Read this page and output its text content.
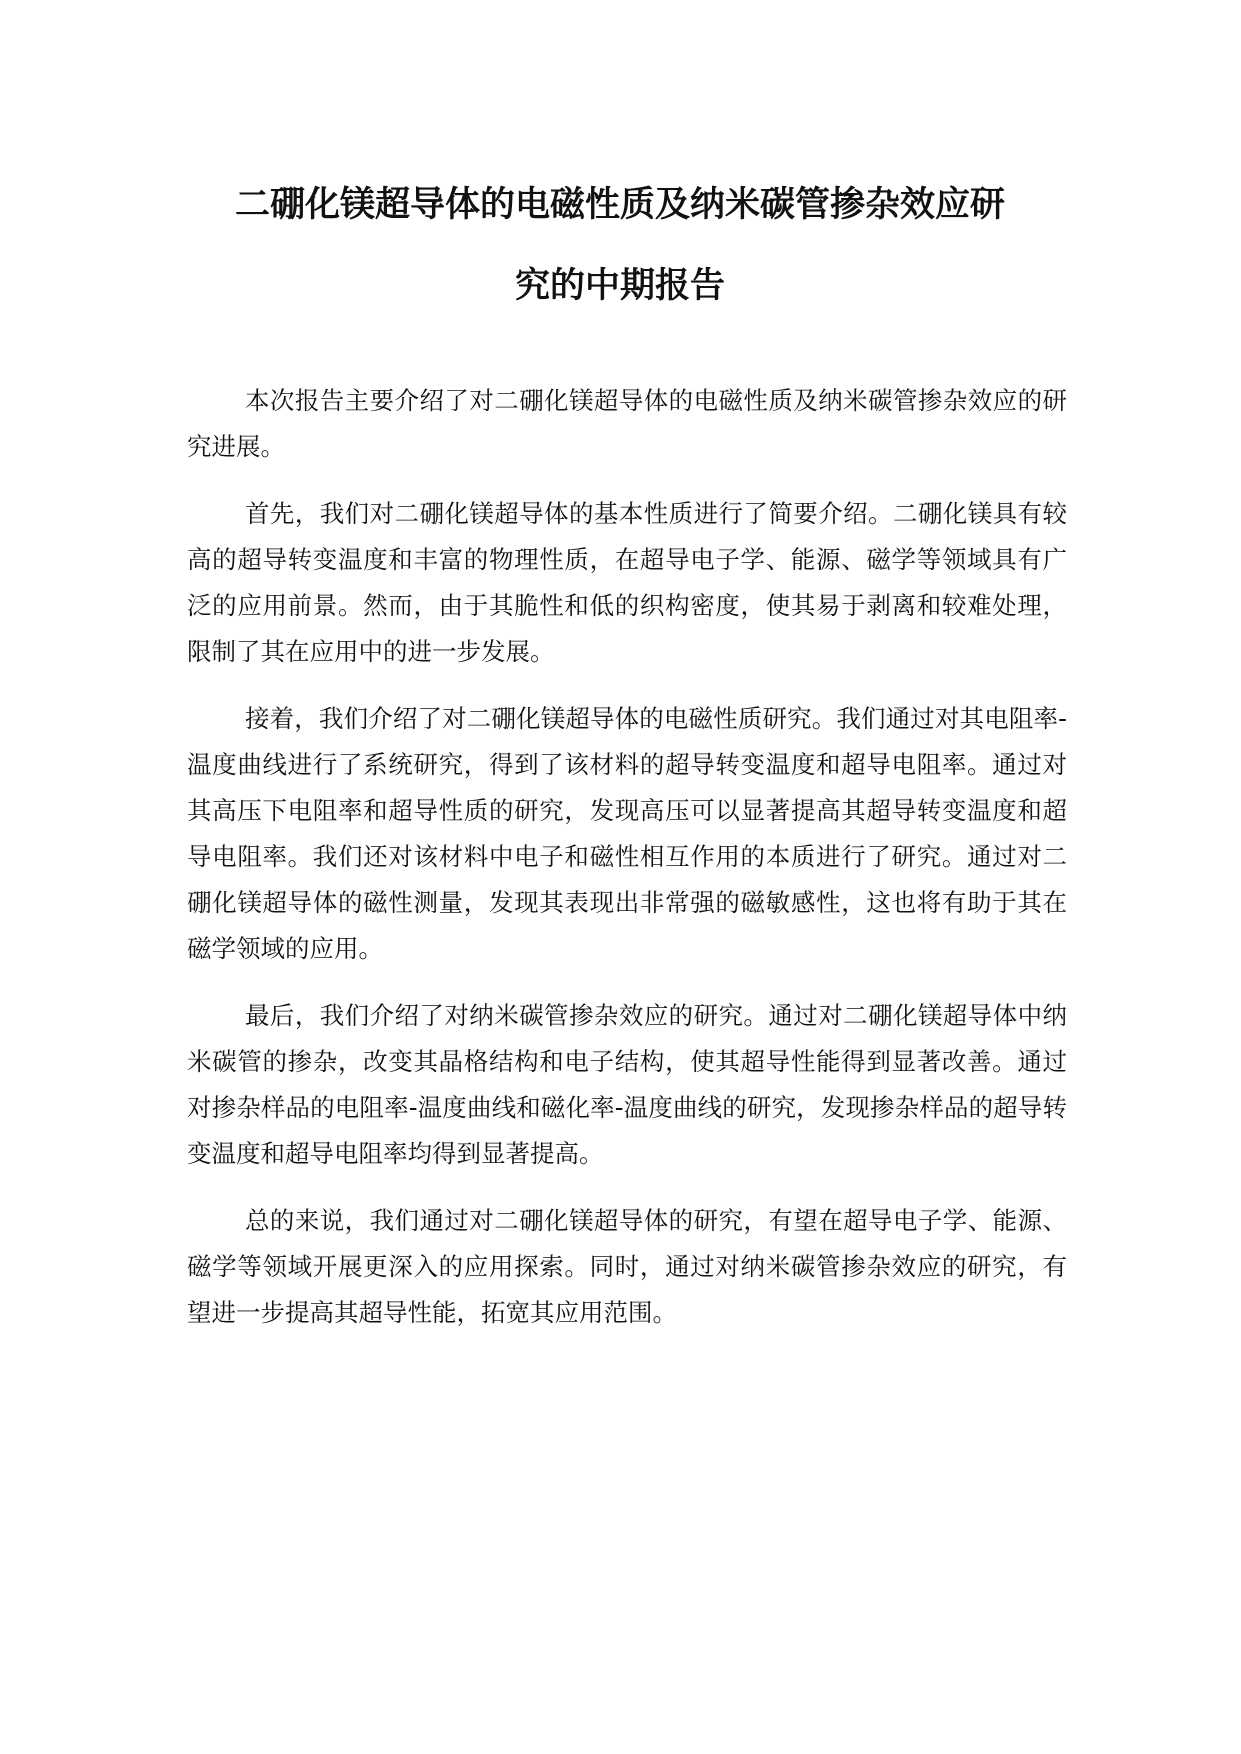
二硼化镁超导体的电磁性质及纳米碳管掺杂效应研
究的中期报告

本次报告主要介绍了对二硼化镁超导体的电磁性质及纳米碳管掺杂效应的研究进展。

首先，我们对二硼化镁超导体的基本性质进行了简要介绍。二硼化镁具有较高的超导转变温度和丰富的物理性质，在超导电子学、能源、磁学等领域具有广泛的应用前景。然而，由于其脆性和低的织构密度，使其易于剥离和较难处理，限制了其在应用中的进一步发展。

接着，我们介绍了对二硼化镁超导体的电磁性质研究。我们通过对其电阻率-温度曲线进行了系统研究，得到了该材料的超导转变温度和超导电阻率。通过对其高压下电阻率和超导性质的研究，发现高压可以显著提高其超导转变温度和超导电阻率。我们还对该材料中电子和磁性相互作用的本质进行了研究。通过对二硼化镁超导体的磁性测量，发现其表现出非常强的磁敏感性，这也将有助于其在磁学领域的应用。

最后，我们介绍了对纳米碳管掺杂效应的研究。通过对二硼化镁超导体中纳米碳管的掺杂，改变其晶格结构和电子结构，使其超导性能得到显著改善。通过对掺杂样品的电阻率-温度曲线和磁化率-温度曲线的研究，发现掺杂样品的超导转变温度和超导电阻率均得到显著提高。

总的来说，我们通过对二硼化镁超导体的研究，有望在超导电子学、能源、磁学等领域开展更深入的应用探索。同时，通过对纳米碳管掺杂效应的研究，有望进一步提高其超导性能，拓宽其应用范围。
